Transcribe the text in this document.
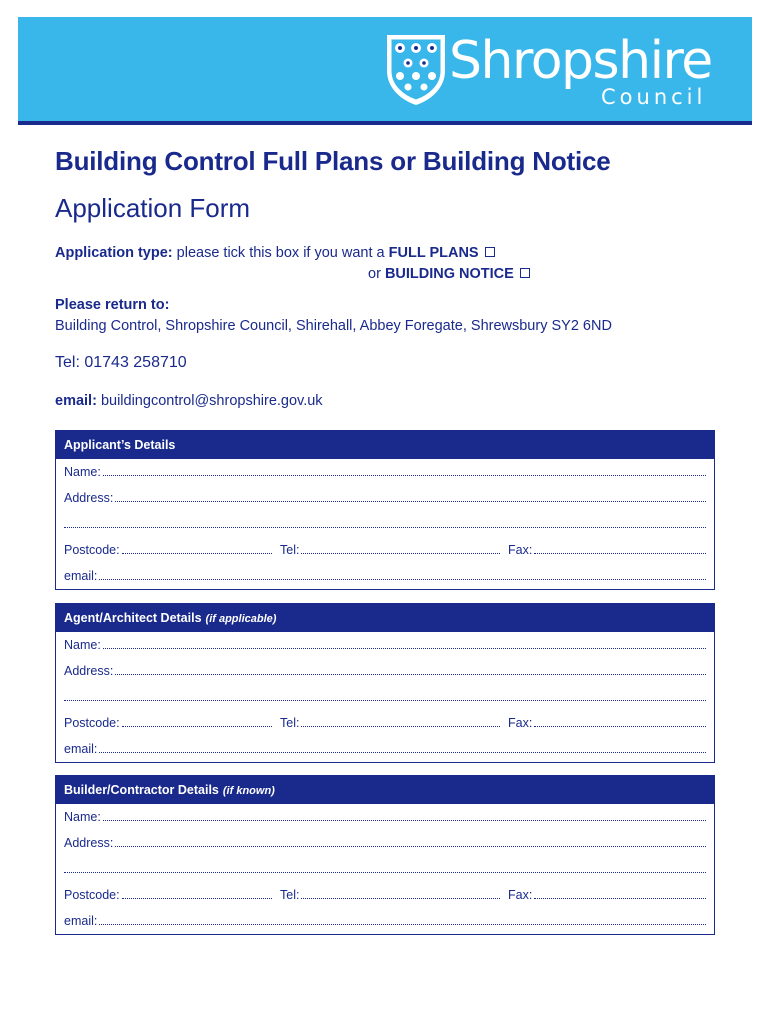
Shropshire
Council
Building Control Full Plans or Building Notice
Application Form
Application type: please tick this box if you want a FULL PLANS
or BUILDING NOTICE
Please return to:
Building Control, Shropshire Council, Shirehall, Abbey Foregate, Shrewsbury SY2 6ND
Tel: 01743 258710
email: buildingcontrol@shropshire.gov.uk
Applicant’s Details
Name:
Address:
Postcode:	Tel:	Fax:
email:
Agent/Architect Details (if applicable)
Name:
Address:
Postcode:	Tel:	Fax:
email:
Builder/Contractor Details (if known)
Name:
Address:
Postcode:	Tel:	Fax:
email:
